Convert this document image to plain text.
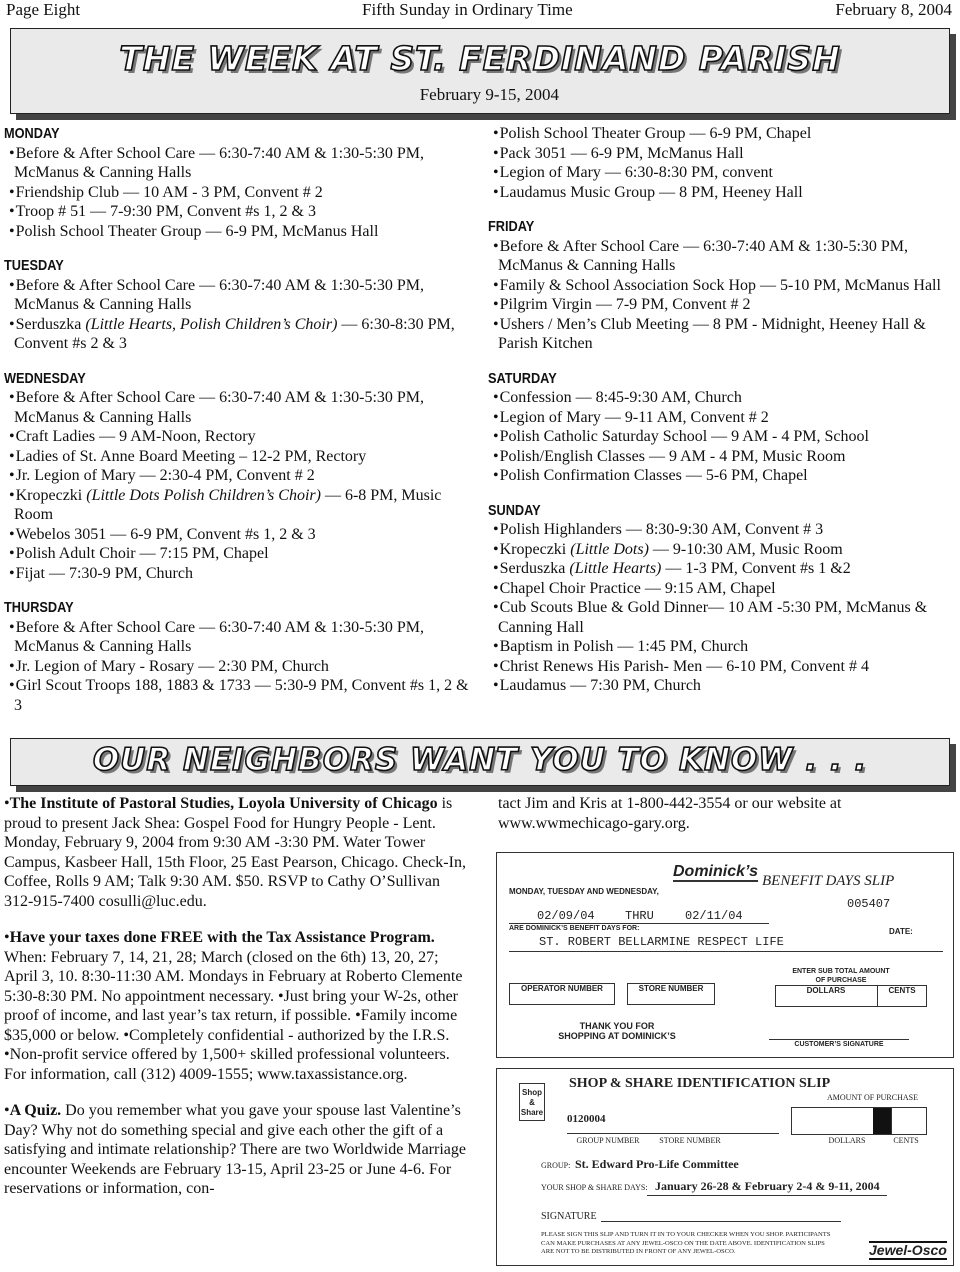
Page Eight	Fifth Sunday in Ordinary Time	February 8, 2004
THE WEEK AT ST. FERDINAND PARISH
February 9-15, 2004
MONDAY
•Before & After School Care — 6:30-7:40 AM & 1:30-5:30 PM, McManus & Canning Halls
•Friendship Club — 10 AM - 3 PM, Convent # 2
•Troop # 51 — 7-9:30 PM, Convent #s 1, 2 & 3
•Polish School Theater Group — 6-9 PM, McManus Hall
TUESDAY
•Before & After School Care — 6:30-7:40 AM & 1:30-5:30 PM, McManus & Canning Halls
•Serduszka (Little Hearts, Polish Children’s Choir) — 6:30-8:30 PM, Convent #s 2 & 3
WEDNESDAY
•Before & After School Care — 6:30-7:40 AM & 1:30-5:30 PM, McManus & Canning Halls
•Craft Ladies — 9 AM-Noon, Rectory
•Ladies of St. Anne Board Meeting – 12-2 PM, Rectory
•Jr. Legion of Mary — 2:30-4 PM, Convent # 2
•Kropeczki (Little Dots Polish Children’s Choir) — 6-8 PM, Music Room
•Webelos 3051 — 6-9 PM, Convent #s 1, 2 & 3
•Polish Adult Choir — 7:15 PM, Chapel
•Fijat — 7:30-9 PM, Church
THURSDAY
•Before & After School Care — 6:30-7:40 AM & 1:30-5:30 PM, McManus & Canning Halls
•Jr. Legion of Mary - Rosary — 2:30 PM, Church
•Girl Scout Troops 188, 1883 & 1733 — 5:30-9 PM, Convent #s 1, 2 & 3
•Polish School Theater Group — 6-9 PM, Chapel
•Pack 3051 — 6-9 PM, McManus Hall
•Legion of Mary — 6:30-8:30 PM, convent
•Laudamus Music Group — 8 PM, Heeney Hall
FRIDAY
•Before & After School Care — 6:30-7:40 AM & 1:30-5:30 PM, McManus & Canning Halls
•Family & School Association Sock Hop — 5-10 PM, McManus Hall
•Pilgrim Virgin — 7-9 PM, Convent # 2
•Ushers / Men’s Club Meeting — 8 PM - Midnight, Heeney Hall & Parish Kitchen
SATURDAY
•Confession — 8:45-9:30 AM, Church
•Legion of Mary — 9-11 AM, Convent # 2
•Polish Catholic Saturday School — 9 AM - 4 PM, School
•Polish/English Classes — 9 AM - 4 PM, Music Room
•Polish Confirmation Classes — 5-6 PM, Chapel
SUNDAY
•Polish Highlanders — 8:30-9:30 AM, Convent # 3
•Kropeczki (Little Dots) — 9-10:30 AM, Music Room
•Serduszka (Little Hearts) — 1-3 PM, Convent #s 1 &2
•Chapel Choir Practice — 9:15 AM, Chapel
•Cub Scouts Blue & Gold Dinner— 10 AM -5:30 PM, McManus & Canning Hall
•Baptism in Polish — 1:45 PM, Church
•Christ Renews His Parish- Men — 6-10 PM, Convent # 4
•Laudamus — 7:30 PM, Church
OUR NEIGHBORS WANT YOU TO KNOW . . .
•The Institute of Pastoral Studies, Loyola University of Chicago is proud to present Jack Shea: Gospel Food for Hungry People - Lent. Monday, February 9, 2004 from 9:30 AM -3:30 PM. Water Tower Campus, Kasbeer Hall, 15th Floor, 25 East Pearson, Chicago. Check-In, Coffee, Rolls 9 AM; Talk 9:30 AM. $50. RSVP to Cathy O’Sullivan 312-915-7400 cosulli@luc.edu.
•Have your taxes done FREE with the Tax Assistance Program. When: February 7, 14, 21, 28; March (closed on the 6th) 13, 20, 27; April 3, 10. 8:30-11:30 AM. Mondays in February at Roberto Clemente 5:30-8:30 PM. No appointment necessary. •Just bring your W-2s, other proof of income, and last year’s tax return, if possible. •Family income $35,000 or below. •Completely confidential - authorized by the I.R.S. •Non-profit service offered by 1,500+ skilled professional volunteers. For information, call (312) 4009-1555; www.taxassistance.org.
•A Quiz. Do you remember what you gave your spouse last Valentine’s Day? Why not do something special and give each other the gift of a satisfying and intimate relationship? There are two Worldwide Marriage encounter Weekends are February 13-15, April 23-25 or June 4-6. For reservations or information, con-
tact Jim and Kris at 1-800-442-3554 or our website at www.wwmechicago-gary.org.
Dominick’s
BENEFIT DAYS SLIP
MONDAY, TUESDAY AND WEDNESDAY,
005407
02/09/04	THRU	02/11/04
ARE DOMINICK’S BENEFIT DAYS FOR:	DATE:
ST. ROBERT BELLARMINE RESPECT LIFE
ENTER SUB TOTAL AMOUNT OF PURCHASE
OPERATOR NUMBER	STORE NUMBER	DOLLARS	CENTS
THANK YOU FOR SHOPPING AT DOMINICK’S
CUSTOMER’S SIGNATURE
Shop & Share
SHOP & SHARE IDENTIFICATION SLIP
AMOUNT OF PURCHASE
0120004
GROUP NUMBER	STORE NUMBER	DOLLARS	CENTS
GROUP: St. Edward Pro-Life Committee
YOUR SHOP & SHARE DAYS: January 26-28 & February 2-4 & 9-11, 2004
SIGNATURE
PLEASE SIGN THIS SLIP AND TURN IT IN TO YOUR CHECKER WHEN YOU SHOP. PARTICIPANTS CAN MAKE PURCHASES AT ANY JEWEL-OSCO ON THE DATE ABOVE. IDENTIFICATION SLIPS ARE NOT TO BE DISTRIBUTED IN FRONT OF ANY JEWEL-OSCO.	Jewel-Osco
